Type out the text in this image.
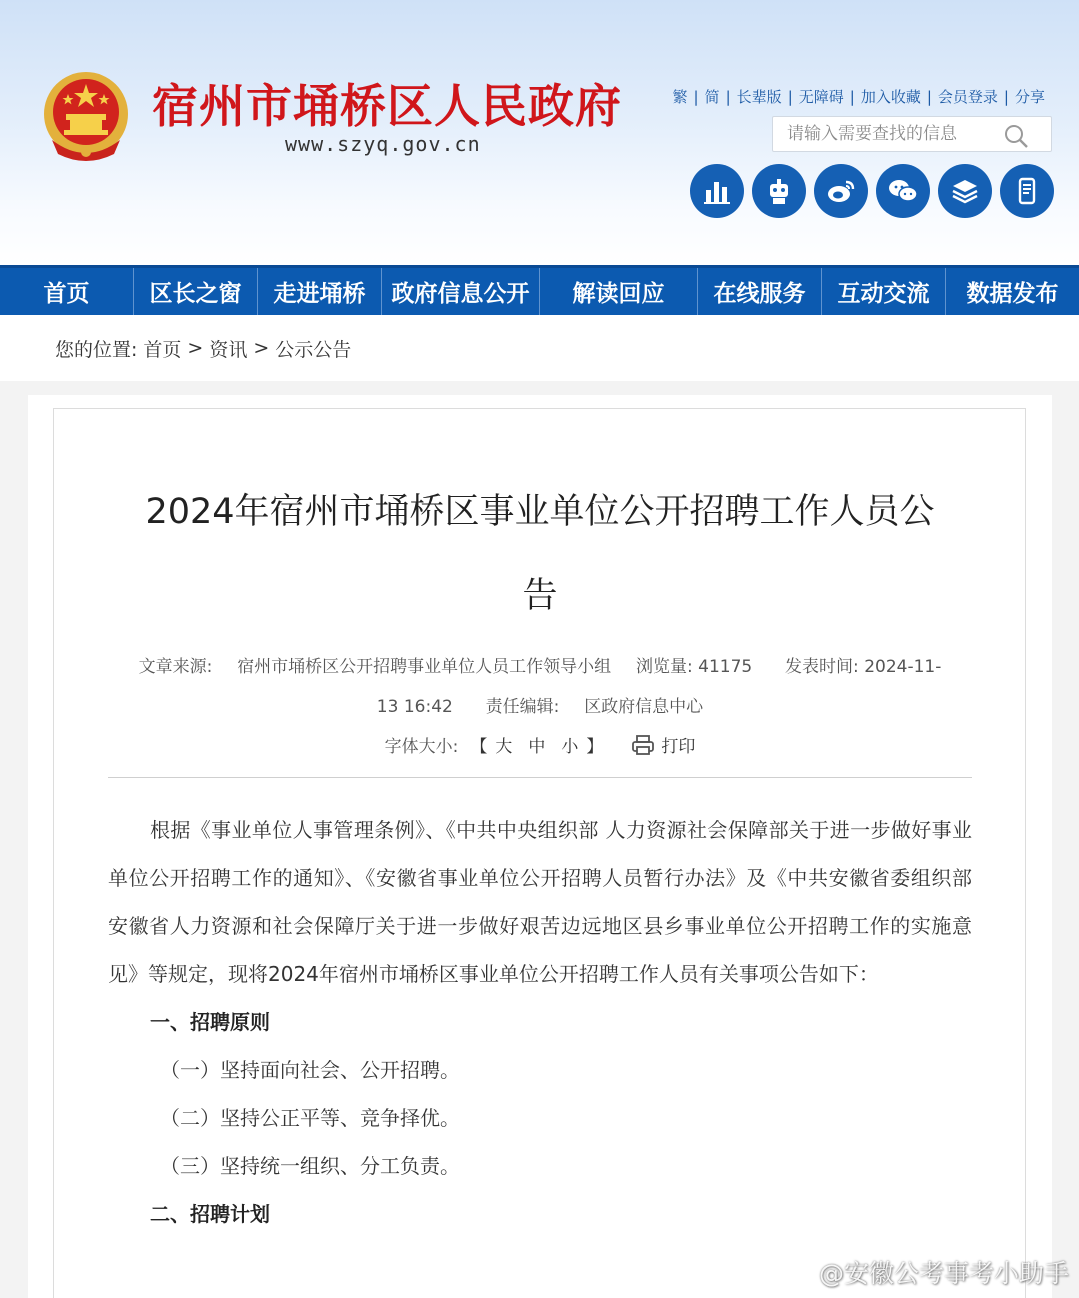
宿州市埇桥区人民政府
www.szyq.gov.cn
繁 | 简 | 长辈版 | 无障碍 | 加入收藏 | 会员登录 | 分享
请输入需要查找的信息
首页	区长之窗	走进埇桥	政府信息公开	解读回应	在线服务	互动交流	数据发布
您的位置: 首页 > 资讯 > 公示公告
2024年宿州市埇桥区事业单位公开招聘工作人员公
告
文章来源: 宿州市埇桥区公开招聘事业单位人员工作领导小组 浏览量: 41175 发表时间: 2024-11-
13 16:42 责任编辑: 区政府信息中心
字体大小: 【 大 中 小 】	打印

根据《事业单位人事管理条例》、《中共中央组织部 人力资源社会保障部关于进一步做好事业单位公开招聘工作的通知》、《安徽省事业单位公开招聘人员暂行办法》及《中共安徽省委组织部 安徽省人力资源和社会保障厅关于进一步做好艰苦边远地区县乡事业单位公开招聘工作的实施意见》等规定，现将2024年宿州市埇桥区事业单位公开招聘工作人员有关事项公告如下：

一、招聘原则

（一）坚持面向社会、公开招聘。

（二）坚持公正平等、竞争择优。

（三）坚持统一组织、分工负责。

二、招聘计划

@安徽公考事考小助手
